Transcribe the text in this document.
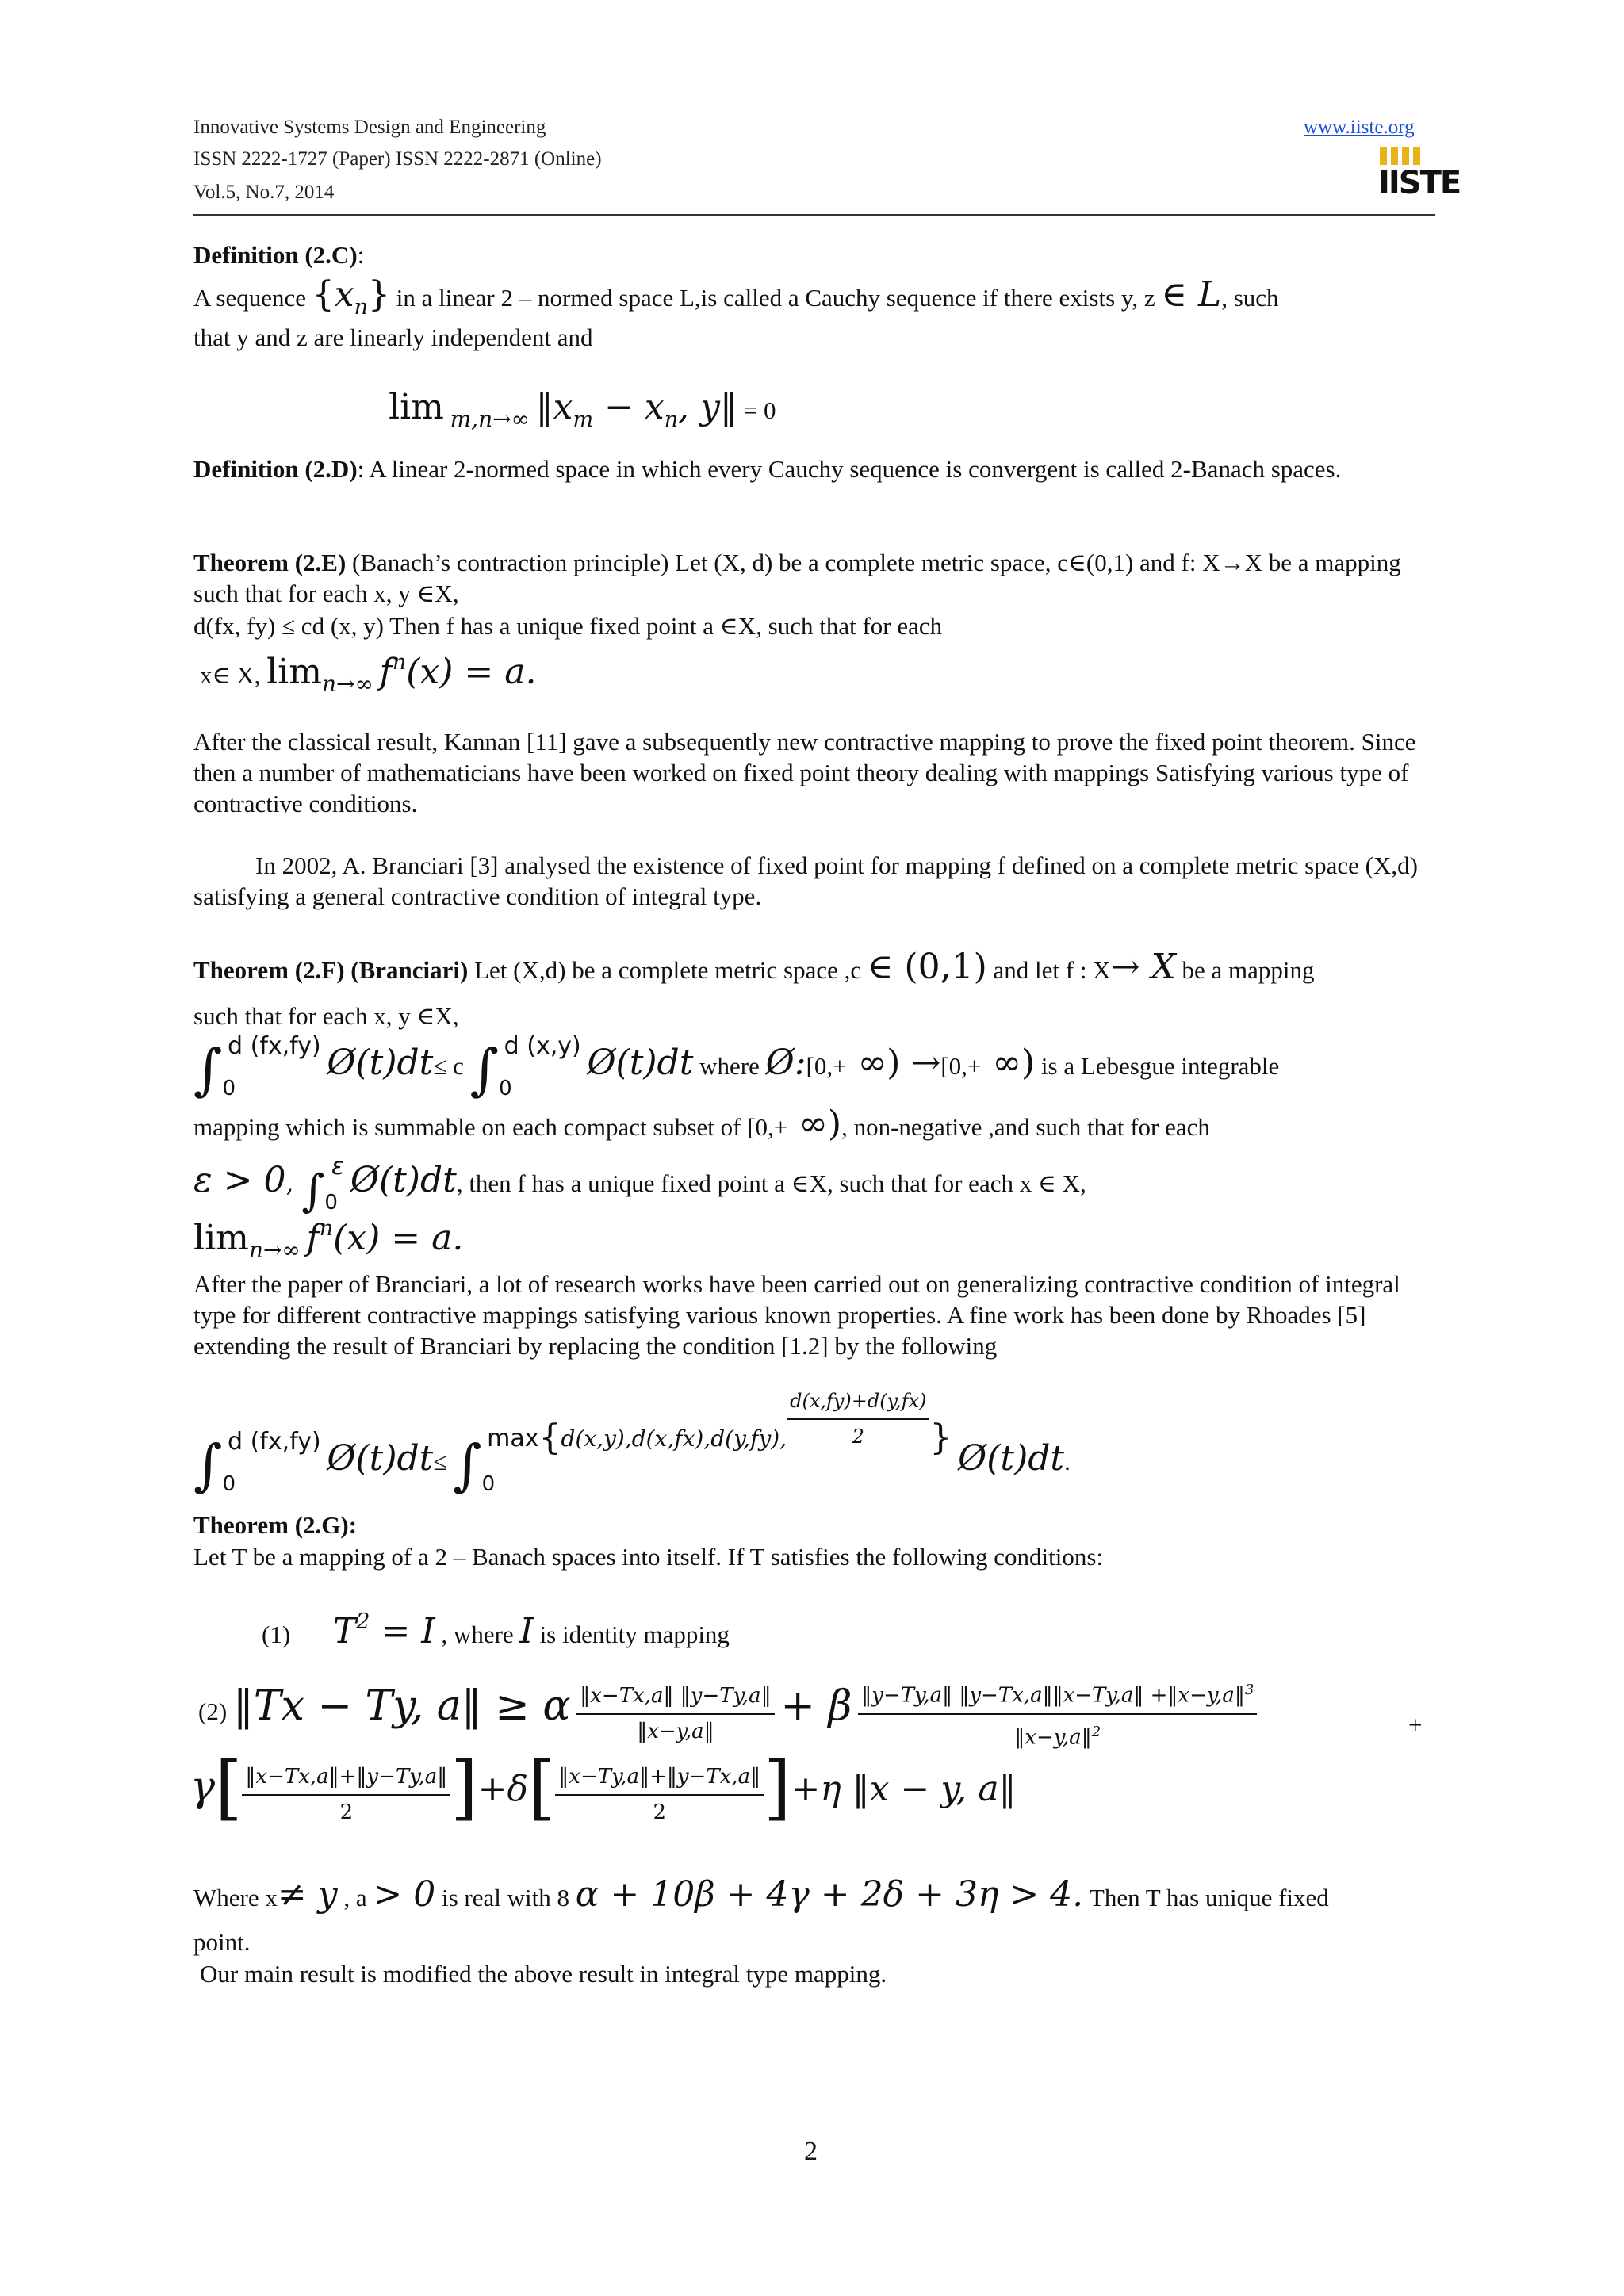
Innovative Systems Design and Engineering
ISSN 2222-1727 (Paper) ISSN 2222-2871 (Online)
Vol.5, No.7, 2014
www.iiste.org
IISTE
Definition (2.C):
A sequence $\{x_n\}$ in a linear 2 – normed space L,is called a Cauchy sequence if there exists y, z ∈ L, such
that y and z are linearly independent and
lim m,n→∞ $‖x_m - x_n$, y‖ = 0
Definition (2.D): A linear 2-normed space in which every Cauchy sequence is convergent is called 2-Banach spaces.
Theorem (2.E) (Banach’s contraction principle) Let (X, d) be a complete metric space, c∈(0,1) and f: X→X be a mapping such that for each x, y ∈X,
d(fx, fy) ≤ cd (x, y) Then f has a unique fixed point a ∈X, such that for each
x∈ X, limn→∞ $f^n(x) = a$.
After the classical result, Kannan [11] gave a subsequently new contractive mapping to prove the fixed point theorem. Since then a number of mathematicians have been worked on fixed point theory dealing with mappings Satisfying various type of contractive conditions.
In 2002, A. Branciari [3] analysed the existence of fixed point for mapping f defined on a complete metric space (X,d) satisfying a general contractive condition of integral type.
Theorem (2.F) (Branciari) Let (X,d) be a complete metric space ,c ∈ (0,1) and let f : X→ X be a mapping
such that for each x, y ∈X,
$\int_0d$ (fx,fy) Ø(t)dt≤ c $\int_0d$ (x,y) Ø(t)dt where Ø:[0,+ ∞) →[0,+ ∞) is a Lebesgue integrable
mapping which is summable on each compact subset of [0,+ ∞), non-negative ,and such that for each
ε > 0, $\int_0\varepsilon$ Ø(t)dt, then f has a unique fixed point a ∈X, such that for each x ∈ X,
limn→∞ $f^n(x) = a$.
After the paper of Branciari, a lot of research works have been carried out on generalizing contractive condition of integral type for different contractive mappings satisfying various known properties. A fine work has been done by Rhoades [5] extending the result of Branciari by replacing the condition [1.2] by the following
$\int_0d$ (fx,fy) Ø(t)dt≤ $\int_0\max\{d(x,y),d(x,fx),d(y,fy)$, $\frac{d(x,fy)+d(y,fx)}{2}$ } Ø(t)dt.
Theorem (2.G):
Let T be a mapping of a 2 – Banach spaces into itself. If T satisfies the following conditions:
(1) $T^2 = I$ , where I is identity mapping
(2) ‖Tx − Ty, a‖ ≥ α $\frac{‖x-Tx,a‖ ‖y-Ty,a‖}{‖x-y,a‖} + \beta \frac{‖y-Ty,a‖ ‖y-Tx,a‖‖x-Ty,a‖ +‖x-y,a‖^3}{‖x-y,a‖^2}$	+
$\gamma[ \frac{‖x-Tx,a‖+‖y-Ty,a‖}{2} ]+\delta[ \frac{‖x-Ty,a‖+‖y-Tx,a‖}{2} ]+\eta$ ‖x − y, a‖
Where x≠ y , a > 0 is real with 8 α + 10β + 4γ + 2δ + 3η > 4. Then T has unique fixed
point.
Our main result is modified the above result in integral type mapping.
2
